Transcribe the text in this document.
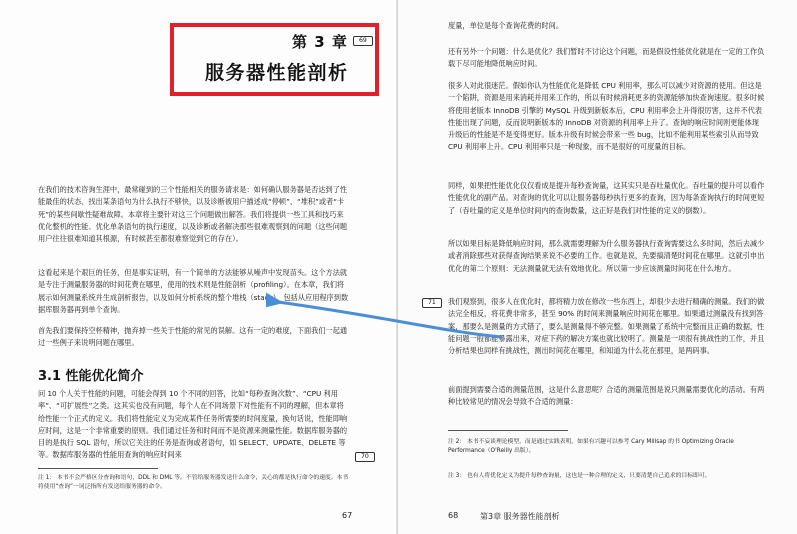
第 3 章	69
服务器性能剖析
在我们的技术咨询生涯中，最常碰到的三个性能相关的服务请求是：如何确认服务器是否达到了性能最佳的状态、找出某条语句为什么执行不够快，以及诊断被用户描述成“停顿”、“堆积”或者“卡死”的某些间歇性疑难故障。本章将主要针对这三个问题做出解答。我们将提供一些工具和技巧来优化整机的性能、优化单条语句的执行速度，以及诊断或者解决那些很难观察到的问题（这些问题用户往往很难知道其根源，有时候甚至都很难察觉到它的存在）。
这看起来是个艰巨的任务，但是事实证明，有一个简单的方法能够从噪声中发现苗头。这个方法就是专注于测量服务器的时间花费在哪里，使用的技术则是性能剖析（profiling）。在本章，我们将展示如何测量系统并生成剖析报告，以及如何分析系统的整个堆栈（stack），包括从应用程序到数据库服务器再到单个查询。
首先我们要保持空杯精神，抛弃掉一些关于性能的常见的误解。这有一定的难度，下面我们一起通过一些例子来说明问题在哪里。
3.1 性能优化简介
问 10 个人关于性能的问题，可能会得到 10 个不同的回答，比如“每秒查询次数”、“CPU 利用率”、“可扩展性”之类。这其实也没有问题，每个人在不同场景下对性能有不同的理解，但本章将给性能一个正式的定义。我们将性能定义为完成某件任务所需要的时间度量，换句话说，性能即响应时间，这是一个非常重要的原则。我们通过任务和时间而不是资源来测量性能。数据库服务器的目的是执行 SQL 语句，所以它关注的任务是查询或者语句，如 SELECT、UPDATE、DELETE 等等。数据库服务器的性能用查询的响应时间来	70
注 1： 本书不会严格区分查询和语句，DDL 和 DML 等。不管给服务器发送什么命令，关心的都是执行命令的速度。本书将使用“查询”一词泛指所有发送给服务器的命令。
67
度量，单位是每个查询花费的时间。
还有另外一个问题：什么是优化？我们暂时不讨论这个问题，而是假设性能优化就是在一定的工作负载下尽可能地降低响应时间。
很多人对此很迷茫。假如你认为性能优化是降低 CPU 利用率，那么可以减少对资源的使用。但这是一个陷阱，资源是用来消耗并用来工作的，所以有时候消耗更多的资源能够加快查询速度。很多时候将使用老版本 InnoDB 引擎的 MySQL 升级到新版本后，CPU 利用率会上升得很厉害，这并不代表性能出现了问题，反而说明新版本的 InnoDB 对资源的利用率上升了。查询的响应时间则更能体现升级后的性能是不是变得更好。版本升级有时候会带来一些 bug，比如不能利用某些索引从而导致 CPU 利用率上升。CPU 利用率只是一种现象，而不是很好的可度量的目标。
同样，如果把性能优化仅仅看成是提升每秒查询量，这其实只是吞吐量优化。吞吐量的提升可以看作性能优化的副产品。对查询的优化可以让服务器每秒执行更多的查询，因为每条查询执行的时间更短了（吞吐量的定义是单位时间内的查询数量，这正好是我们对性能的定义的倒数）。
所以如果目标是降低响应时间，那么就需要理解为什么服务器执行查询需要这么多时间，然后去减少或者消除那些对获得查询结果来说不必要的工作。也就是说，先要搞清楚时间花在哪里。这就引申出优化的第二个原则：无法测量就无法有效地优化。所以第一步应该测量时间花在什么地方。
71	我们观察到，很多人在优化时，都将精力放在修改一些东西上，却很少去进行精确的测量。我们的做法完全相反，将花费非常多，甚至 90% 的时间来测量响应时间花在哪里。如果通过测量没有找到答案，那要么是测量的方式错了，要么是测量得不够完整。如果测量了系统中完整而且正确的数据，性能问题一般都能暴露出来，对症下药的解决方案也就比较明了。测量是一项很有挑战性的工作，并且分析结果也同样有挑战性，测出时间花在哪里，和知道为什么花在那里，是两码事。
前面提到需要合适的测量范围，这是什么意思呢？合适的测量范围是说只测量需要优化的活动。有两种比较常见的情况会导致不合适的测量：
注 2： 本书不妄谈理论模型，而是通过实践表明，如果有兴趣可以参考 Cary Millsap 的书 Optimizing Oracle Performance（O'Reilly 出版）。
注 3： 也有人将优化定义为提升每秒查询量，这也是一种合理的定义，只要清楚自己追求的目标即可。
68	第3章 服务器性能剖析
